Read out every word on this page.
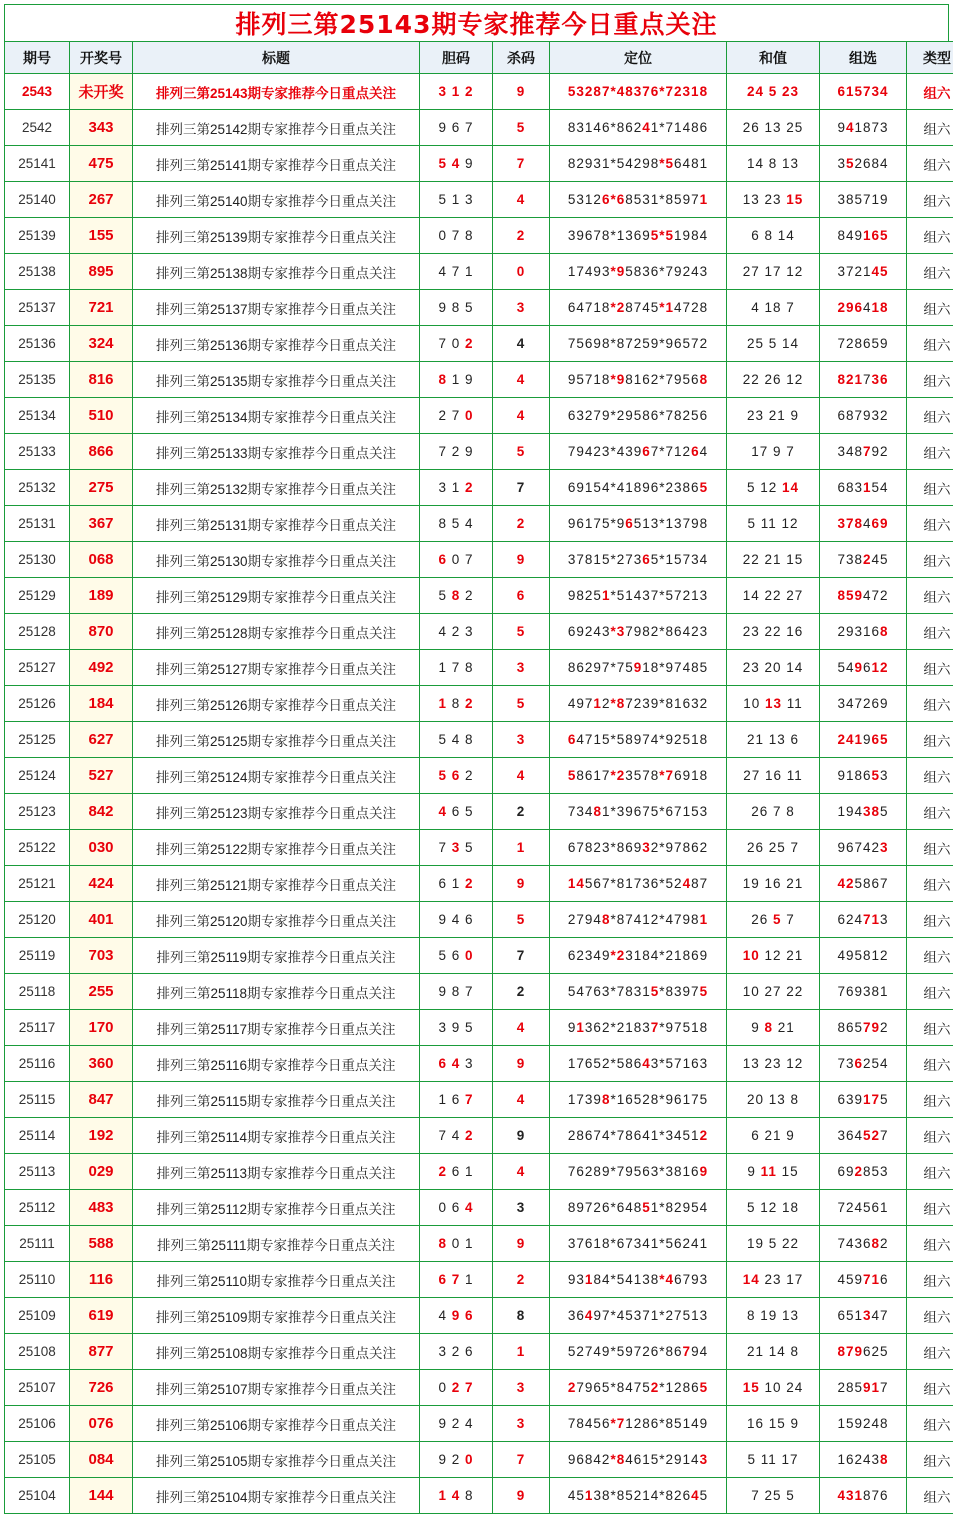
排列三第25143期专家推荐今日重点关注
期号	开奖号	标题	胆码	杀码	定位	和值	组选	类型
2543	未开奖	排列三第25143期专家推荐今日重点关注	3 1 2	9	53287*48376*72318	24 5 23	615734	组六
2542	343	排列三第25142期专家推荐今日重点关注	9 6 7	5	83146*86241*71486	26 13 25	941873	组六
25141	475	排列三第25141期专家推荐今日重点关注	5 4 9	7	82931*54298*56481	14 8 13	352684	组六
25140	267	排列三第25140期专家推荐今日重点关注	5 1 3	4	53126*68531*85971	13 23 15	385719	组六
25139	155	排列三第25139期专家推荐今日重点关注	0 7 8	2	39678*13695*51984	6 8 14	849165	组六
25138	895	排列三第25138期专家推荐今日重点关注	4 7 1	0	17493*95836*79243	27 17 12	372145	组六
25137	721	排列三第25137期专家推荐今日重点关注	9 8 5	3	64718*28745*14728	4 18 7	296418	组六
25136	324	排列三第25136期专家推荐今日重点关注	7 0 2	4	75698*87259*96572	25 5 14	728659	组六
25135	816	排列三第25135期专家推荐今日重点关注	8 1 9	4	95718*98162*79568	22 26 12	821736	组六
25134	510	排列三第25134期专家推荐今日重点关注	2 7 0	4	63279*29586*78256	23 21 9	687932	组六
25133	866	排列三第25133期专家推荐今日重点关注	7 2 9	5	79423*43967*71264	17 9 7	348792	组六
25132	275	排列三第25132期专家推荐今日重点关注	3 1 2	7	69154*41896*23865	5 12 14	683154	组六
25131	367	排列三第25131期专家推荐今日重点关注	8 5 4	2	96175*96513*13798	5 11 12	378469	组六
25130	068	排列三第25130期专家推荐今日重点关注	6 0 7	9	37815*27365*15734	22 21 15	738245	组六
25129	189	排列三第25129期专家推荐今日重点关注	5 8 2	6	98251*51437*57213	14 22 27	859472	组六
25128	870	排列三第25128期专家推荐今日重点关注	4 2 3	5	69243*37982*86423	23 22 16	293168	组六
25127	492	排列三第25127期专家推荐今日重点关注	1 7 8	3	86297*75918*97485	23 20 14	549612	组六
25126	184	排列三第25126期专家推荐今日重点关注	1 8 2	5	49712*87239*81632	10 13 11	347269	组六
25125	627	排列三第25125期专家推荐今日重点关注	5 4 8	3	64715*58974*92518	21 13 6	241965	组六
25124	527	排列三第25124期专家推荐今日重点关注	5 6 2	4	58617*23578*76918	27 16 11	918653	组六
25123	842	排列三第25123期专家推荐今日重点关注	4 6 5	2	73481*39675*67153	26 7 8	194385	组六
25122	030	排列三第25122期专家推荐今日重点关注	7 3 5	1	67823*86932*97862	26 25 7	967423	组六
25121	424	排列三第25121期专家推荐今日重点关注	6 1 2	9	14567*81736*52487	19 16 21	425867	组六
25120	401	排列三第25120期专家推荐今日重点关注	9 4 6	5	27948*87412*47981	26 5 7	624713	组六
25119	703	排列三第25119期专家推荐今日重点关注	5 6 0	7	62349*23184*21869	10 12 21	495812	组六
25118	255	排列三第25118期专家推荐今日重点关注	9 8 7	2	54763*78315*83975	10 27 22	769381	组六
25117	170	排列三第25117期专家推荐今日重点关注	3 9 5	4	91362*21837*97518	9 8 21	865792	组六
25116	360	排列三第25116期专家推荐今日重点关注	6 4 3	9	17652*58643*57163	13 23 12	736254	组六
25115	847	排列三第25115期专家推荐今日重点关注	1 6 7	4	17398*16528*96175	20 13 8	639175	组六
25114	192	排列三第25114期专家推荐今日重点关注	7 4 2	9	28674*78641*34512	6 21 9	364527	组六
25113	029	排列三第25113期专家推荐今日重点关注	2 6 1	4	76289*79563*38169	9 11 15	692853	组六
25112	483	排列三第25112期专家推荐今日重点关注	0 6 4	3	89726*64851*82954	5 12 18	724561	组六
25111	588	排列三第25111期专家推荐今日重点关注	8 0 1	9	37618*67341*56241	19 5 22	743682	组六
25110	116	排列三第25110期专家推荐今日重点关注	6 7 1	2	93184*54138*46793	14 23 17	459716	组六
25109	619	排列三第25109期专家推荐今日重点关注	4 9 6	8	36497*45371*27513	8 19 13	651347	组六
25108	877	排列三第25108期专家推荐今日重点关注	3 2 6	1	52749*59726*86794	21 14 8	879625	组六
25107	726	排列三第25107期专家推荐今日重点关注	0 2 7	3	27965*84752*12865	15 10 24	285917	组六
25106	076	排列三第25106期专家推荐今日重点关注	9 2 4	3	78456*71286*85149	16 15 9	159248	组六
25105	084	排列三第25105期专家推荐今日重点关注	9 2 0	7	96842*84615*29143	5 11 17	162438	组六
25104	144	排列三第25104期专家推荐今日重点关注	1 4 8	9	45138*85214*82645	7 25 5	431876	组六
